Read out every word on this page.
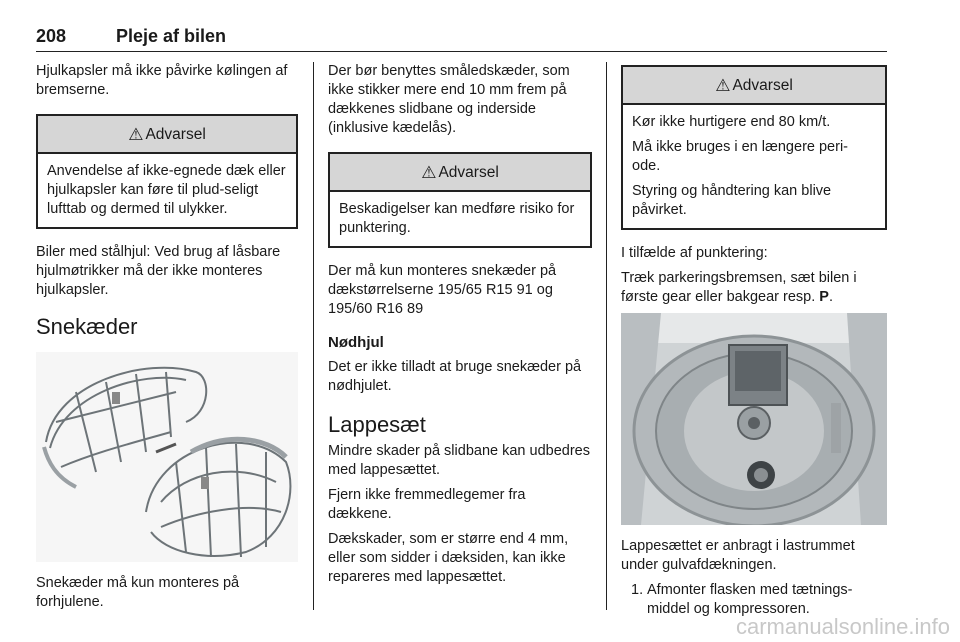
208	Pleje af bilen

Hjulkapsler må ikke påvirke kølingen af bremserne.

⚠ Advarsel

Anvendelse af ikke-egnede dæk eller hjulkapsler kan føre til plud-seligt lufttab og dermed til ulykker.

Biler med stålhjul: Ved brug af låsbare hjulmøtrikker må der ikke monteres hjulkapsler.

Snekæder

Snekæder må kun monteres på forhjulene.

Der bør benyttes småledskæder, som ikke stikker mere end 10 mm frem på dækkenes slidbane og inderside (inklusive kædelås).

⚠ Advarsel

Beskadigelser kan medføre risiko for punktering.

Der må kun monteres snekæder på dækstørrelserne 195/65 R15 91 og 195/60 R16 89

Nødhjul

Det er ikke tilladt at bruge snekæder på nødhjulet.

Lappesæt

Mindre skader på slidbane kan udbedres med lappesættet.

Fjern ikke fremmedlegemer fra dækkene.

Dækskader, som er større end 4 mm, eller som sidder i dæksiden, kan ikke repareres med lappesættet.

⚠ Advarsel

Kør ikke hurtigere end 80 km/t.

Må ikke bruges i en længere peri-ode.

Styring og håndtering kan blive påvirket.

I tilfælde af punktering:

Træk parkeringsbremsen, sæt bilen i første gear eller bakgear resp. P.

Lappesættet er anbragt i lastrummet under gulvafdækningen.

1. Afmonter flasken med tætnings-middel og kompressoren.
carmanualsonline.info
